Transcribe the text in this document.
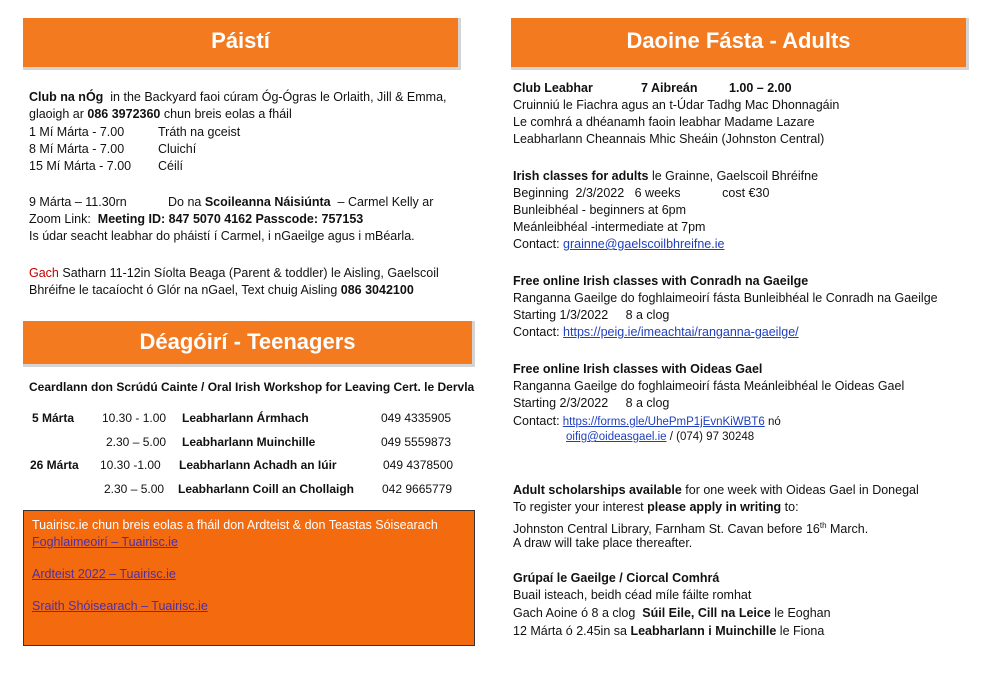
Páistí
Club na nÓg in the Backyard faoi cúram Óg-Ógras le Orlaith, Jill & Emma,
glaoigh ar 086 3972360 chun breis eolas a fháil
1 Mí Márta - 7.00	Tráth na gceist
8 Mí Márta - 7.00	Cluichí
15 Mí Márta - 7.00 Céilí
9 Márta – 11.30rn	Do na Scoileanna Náisiúnta – Carmel Kelly ar
Zoom Link: Meeting ID: 847 5070 4162 Passcode: 757153
Is údar seacht leabhar do pháistí í Carmel, i nGaeilge agus i mBéarla.
Gach Satharn 11-12in Síolta Beaga (Parent & toddler) le Aisling, Gaelscoil
Bhréifne le tacaíocht ó Glór na nGael, Text chuig Aisling 086 3042100
Déagóirí - Teenagers
Ceardlann don Scrúdú Cainte / Oral Irish Workshop for Leaving Cert. le Dervla
5 Márta	10.30 - 1.00 Leabharlann Ármhach	049 4335905
2.30 – 5.00 Leabharlann Muinchille	049 5559873
26 Márta 10.30 -1.00 Leabharlann Achadh an Iúir	049 4378500
2.30 – 5.00 Leabharlann Coill an Chollaigh 042 9665779
Tuairisc.ie chun breis eolas a fháil don Ardteist & don Teastas Sóisearach
Foghlaimeoirí – Tuairisc.ie
Ardteist 2022 – Tuairisc.ie
Sraith Shóisearach – Tuairisc.ie
Daoine Fásta - Adults
Club Leabhar	7 Aibreán	1.00 – 2.00
Cruinniú le Fiachra agus an t-Údar Tadhg Mac Dhonnagáin
Le comhrá a dhéanamh faoin leabhar Madame Lazare
Leabharlann Cheannais Mhic Sheáin (Johnston Central)
Irish classes for adults le Grainne, Gaelscoil Bhréifne
Beginning  2/3/2022   6 weeks            cost €30
Bunleibhéal - beginners at 6pm
Meánleibhéal -intermediate at 7pm
Contact: grainne@gaelscoilbhreifne.ie
Free online Irish classes with Conradh na Gaeilge
Ranganna Gaeilge do foghlaimeoirí fásta Bunleibhéal le Conradh na Gaeilge
Starting 1/3/2022     8 a clog
Contact: https://peig.ie/imeachtai/ranganna-gaeilge/
Free online Irish classes with Oideas Gael
Ranganna Gaeilge do foghlaimeoirí fásta Meánleibhéal le Oideas Gael
Starting 2/3/2022     8 a clog
Contact: https://forms.gle/UhePmP1jEvnKiWBT6 nó
oifig@oideasgael.ie / (074) 97 30248
Adult scholarships available for one week with Oideas Gael in Donegal
To register your interest please apply in writing to:
Johnston Central Library, Farnham St. Cavan before 16th March.
A draw will take place thereafter.
Grúpaí le Gaeilge / Ciorcal Comhrá
Buail isteach, beidh céad míle fáilte romhat
Gach Aoine ó 8 a clog Súil Eile, Cill na Leice le Eoghan
12 Márta ó 2.45in sa Leabharlann i Muinchille le Fiona
